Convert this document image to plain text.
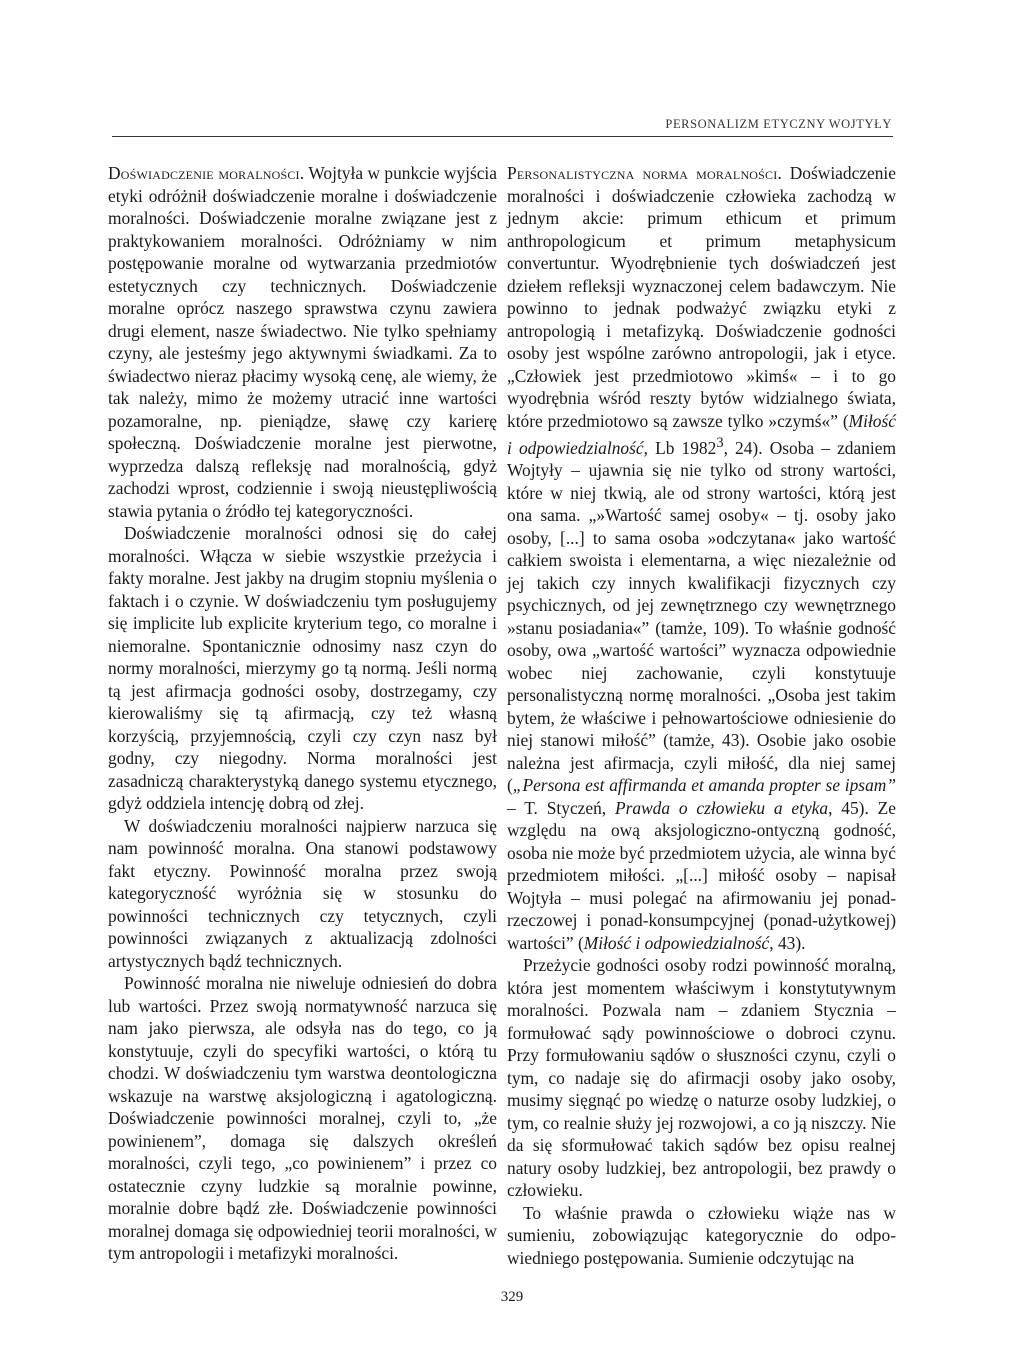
PERSONALIZM ETYCZNY WOJTYŁY

Doświadczenie moralności. Wojtyła w punkcie wyjścia etyki odróżnił doświadczenie moralne i doświadczenie moralności. Doświadczenie moralne związane jest z praktykowaniem moralności. Odróżniamy w nim postępowanie moralne od wytwarzania przedmiotów estetycznych czy technicznych. Doświadczenie moralne oprócz naszego sprawstwa czynu zawiera drugi element, nasze świadectwo. Nie tylko spełniamy czyny, ale jesteśmy jego aktywnymi świadkami. Za to świadectwo nieraz płacimy wysoką cenę, ale wiemy, że tak należy, mimo że możemy utracić inne wartości pozamoralne, np. pieniądze, sławę czy karierę społeczną. Doświadczenie moralne jest pierwotne, wyprzedza dalszą refleksję nad moralnością, gdyż zachodzi wprost, codziennie i swoją nieustępliwością stawia pytania o źródło tej kategoryczności.

Doświadczenie moralności odnosi się do całej moralności. Włącza w siebie wszystkie przeżycia i fakty moralne. Jest jakby na drugim stopniu myślenia o faktach i o czynie. W doświadczeniu tym posługujemy się implicite lub explicite kryterium tego, co moralne i niemoralne. Spontanicznie odnosimy nasz czyn do normy moralności, mierzymy go tą normą. Jeśli normą tą jest afirmacja godności osoby, dostrzegamy, czy kierowaliśmy się tą afirmacją, czy też własną korzyścią, przyjemnością, czyli czy czyn nasz był godny, czy niegodny. Norma moralności jest zasadniczą charakterystyką danego systemu etycznego, gdyż oddziela intencję dobrą od złej.

W doświadczeniu moralności najpierw narzuca się nam powinność moralna. Ona stanowi podstawowy fakt etyczny. Powinność moralna przez swoją kategoryczność wyróżnia się w stosunku do powinności technicznych czy tetycznych, czyli powinności związanych z aktualizacją zdolności artystycznych bądź technicznych.

Powinność moralna nie niweluje odniesień do dobra lub wartości. Przez swoją normatywność narzuca się nam jako pierwsza, ale odsyła nas do tego, co ją konstytuuje, czyli do specyfiki wartości, o którą tu chodzi. W doświadczeniu tym warstwa deontologiczna wskazuje na warstwę aksjologiczną i agatologiczną. Doświadczenie powinności moralnej, czyli to, „że powinienem”, domaga się dalszych określeń moralności, czyli tego, „co powinienem” i przez co ostatecznie czyny ludzkie są moralnie powinne, moralnie dobre bądź złe. Doświadczenie powinności moralnej domaga się odpowiedniej teorii moralności, w tym antropologii i metafizyki moralności.

Personalistyczna norma moralności. Doświadczenie moralności i doświadczenie człowieka zachodzą w jednym akcie: primum ethicum et primum anthropologicum et primum metaphysicum convertuntur. Wyodrębnienie tych doświadczeń jest dziełem refleksji wyznaczonej celem badawczym. Nie powinno to jednak podważyć związku etyki z antropologią i metafizyką. Doświadczenie godności osoby jest wspólne zarówno antropologii, jak i etyce. „Człowiek jest przedmiotowo »kimś« – i to go wyodrębnia wśród reszty bytów widzialnego świata, które przedmiotowo są zawsze tylko »czymś«” (Miłość i odpowiedzialność, Lb 1982$^3$, 24). Osoba – zdaniem Wojtyły – ujawnia się nie tylko od strony wartości, które w niej tkwią, ale od strony wartości, którą jest ona sama. „»Wartość samej osoby« – tj. osoby jako osoby, [...] to sama osoba »odczytana« jako wartość całkiem swoista i elementarna, a więc niezależnie od jej takich czy innych kwalifikacji fizycznych czy psychicznych, od jej zewnętrznego czy wewnętrznego »stanu posiadania«” (tamże, 109). To właśnie godność osoby, owa „wartość wartości” wyznacza odpowiednie wobec niej zachowanie, czyli konstytuuje personalistyczną normę moralności. „Osoba jest takim bytem, że właściwe i pełnowartościowe odniesienie do niej stanowi miłość” (tamże, 43). Osobie jako osobie należna jest afirmacja, czyli miłość, dla niej samej („Persona est affirmanda et amanda propter se ipsam” – T. Styczeń, Prawda o człowieku a etyka, 45). Ze względu na ową aksjologiczno-ontyczną godność, osoba nie może być przedmiotem użycia, ale winna być przedmiotem miłości. „[...] miłość osoby – napisał Wojtyła – musi polegać na afirmowaniu jej ponad-rzeczowej i ponad-konsumpcyjnej (ponad-użytkowej) wartości” (Miłość i odpowiedzialność, 43).

Przeżycie godności osoby rodzi powinność moralną, która jest momentem właściwym i konstytutywnym moralności. Pozwala nam – zdaniem Stycznia – formułować sądy powinnościowe o dobroci czynu. Przy formułowaniu sądów o słuszności czynu, czyli o tym, co nadaje się do afirmacji osoby jako osoby, musimy sięgnąć po wiedzę o naturze osoby ludzkiej, o tym, co realnie służy jej rozwojowi, a co ją niszczy. Nie da się sformułować takich sądów bez opisu realnej natury osoby ludzkiej, bez antropologii, bez prawdy o człowieku.

To właśnie prawda o człowieku wiąże nas w sumieniu, zobowiązując kategorycznie do odpowiedniego postępowania. Sumienie odczytując na

329
